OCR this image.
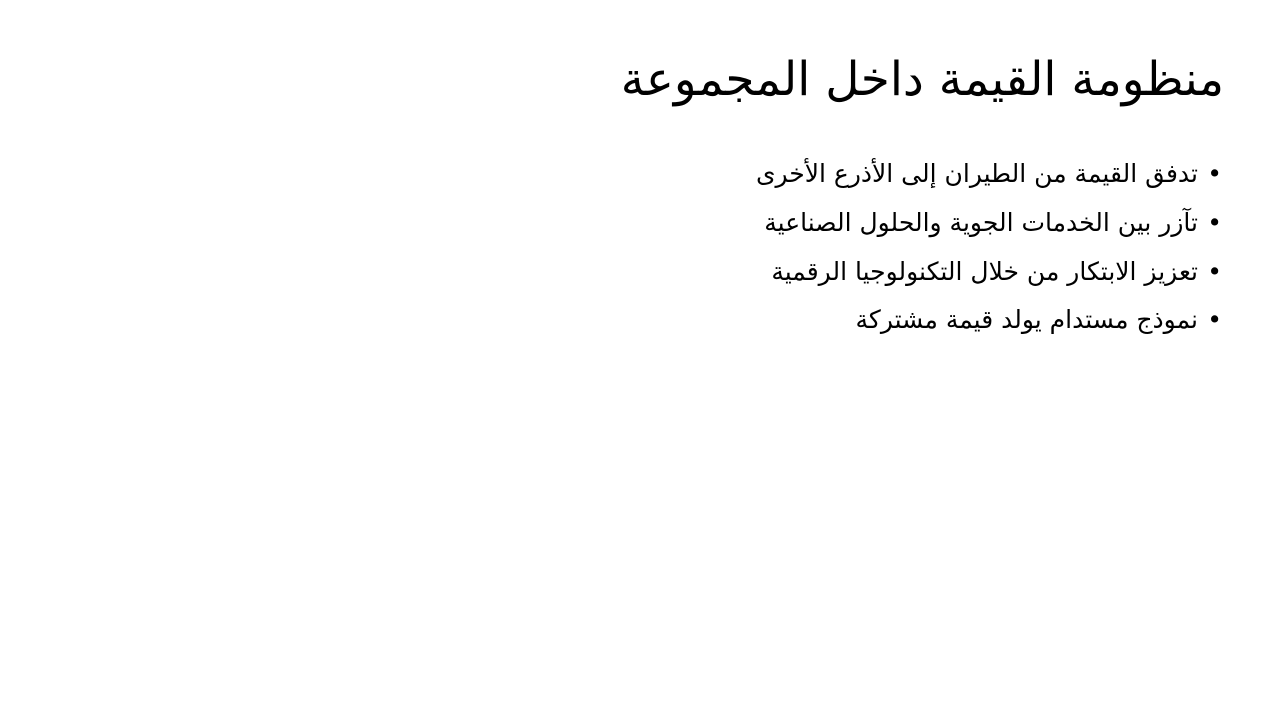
منظومة القيمة داخل المجموعة
• تدفق القيمة من الطيران إلى الأذرع الأخرى
• تآزر بين الخدمات الجوية والحلول الصناعية
• تعزيز الابتكار من خلال التكنولوجيا الرقمية
• نموذج مستدام يولد قيمة مشتركة
